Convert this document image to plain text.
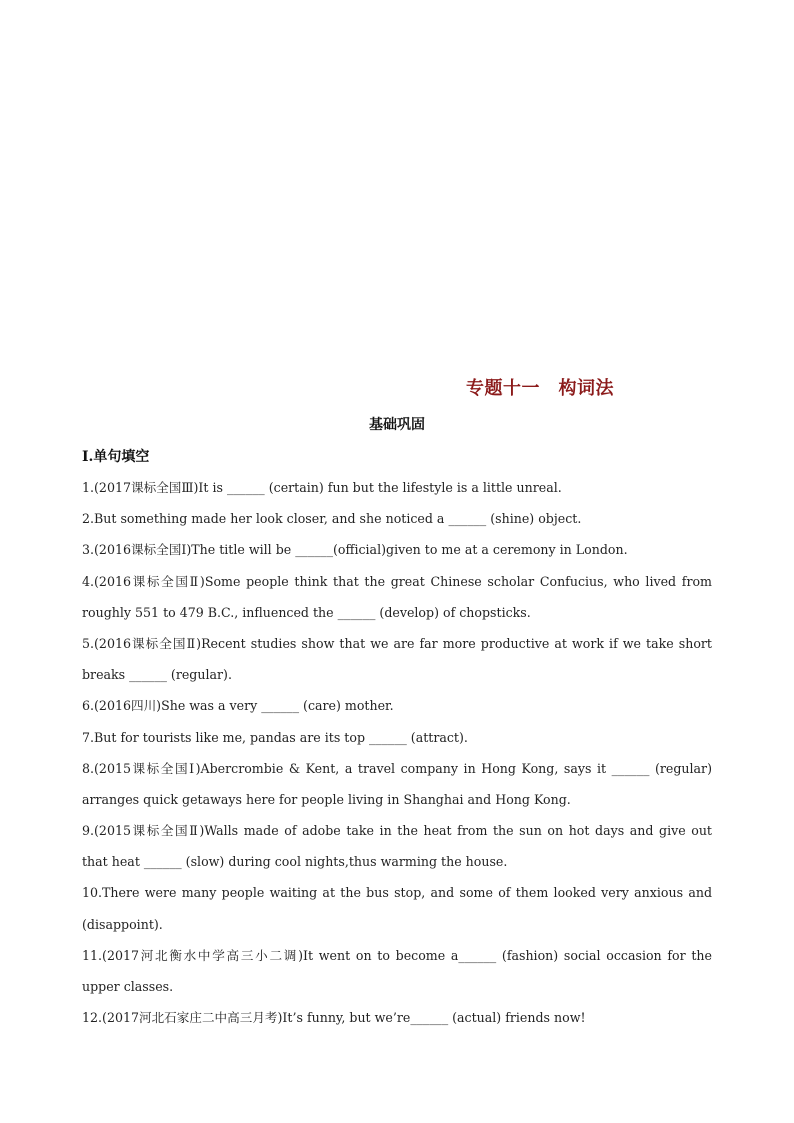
专题十一　构词法
基础巩固
Ⅰ.单句填空
1.(2017课标全国Ⅲ)It is ______ (certain) fun but the lifestyle is a little unreal.
2.But something made her look closer, and she noticed a ______ (shine) object.
3.(2016课标全国Ⅰ)The title will be ______(official)given to me at a ceremony in London.
4.(2016课标全国Ⅱ)Some people think that the great Chinese scholar Confucius, who lived from
roughly 551 to 479 B.C., influenced the ______ (develop) of chopsticks.
5.(2016课标全国Ⅱ)Recent studies show that we are far more productive at work if we take short
breaks ______ (regular).
6.(2016四川)She was a very ______ (care) mother.
7.But for tourists like me, pandas are its top ______ (attract).
8.(2015课标全国Ⅰ)Abercrombie & Kent, a travel company in Hong Kong, says it ______ (regular)
arranges quick getaways here for people living in Shanghai and Hong Kong.
9.(2015课标全国Ⅱ)Walls made of adobe take in the heat from the sun on hot days and give out
that heat ______ (slow) during cool nights,thus warming the house.
10.There were many people waiting at the bus stop, and some of them looked very anxious and
(disappoint).
11.(2017河北衡水中学高三小二调)It went on to become a______ (fashion) social occasion for the
upper classes.
12.(2017河北石家庄二中高三月考)It’s funny, but we’re______ (actual) friends now!
